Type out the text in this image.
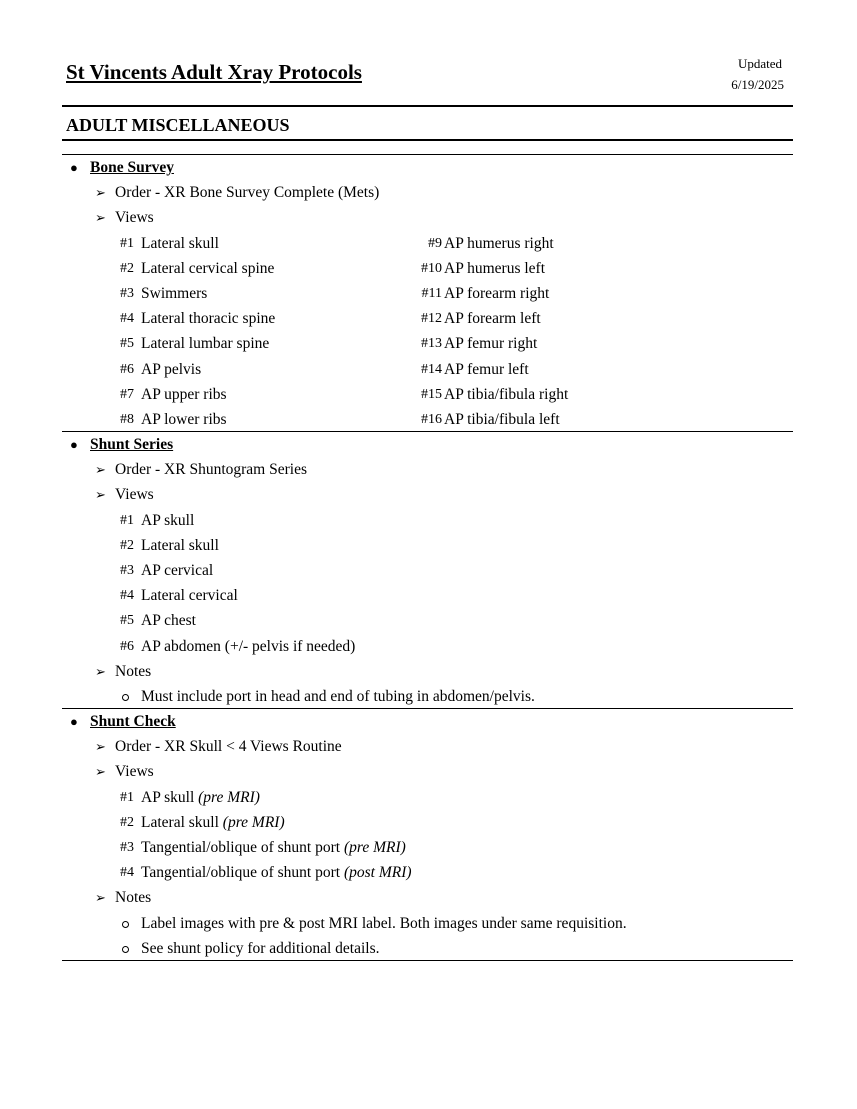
St Vincents Adult Xray Protocols	Updated
6/19/2025
ADULT MISCELLANEOUS
● Bone Survey
➢ Order - XR Bone Survey Complete (Mets)
➢ Views
#1 Lateral skull	#9 AP humerus right
#2 Lateral cervical spine	#10 AP humerus left
#3 Swimmers	#11 AP forearm right
#4 Lateral thoracic spine	#12 AP forearm left
#5 Lateral lumbar spine	#13 AP femur right
#6 AP pelvis	#14 AP femur left
#7 AP upper ribs	#15 AP tibia/fibula right
#8 AP lower ribs	#16 AP tibia/fibula left
● Shunt Series
➢ Order - XR Shuntogram Series
➢ Views
#1 AP skull
#2 Lateral skull
#3 AP cervical
#4 Lateral cervical
#5 AP chest
#6 AP abdomen (+/- pelvis if needed)
➢ Notes
Must include port in head and end of tubing in abdomen/pelvis.
● Shunt Check
➢ Order - XR Skull < 4 Views Routine
➢ Views
#1 AP skull (pre MRI)
#2 Lateral skull (pre MRI)
#3 Tangential/oblique of shunt port (pre MRI)
#4 Tangential/oblique of shunt port (post MRI)
➢ Notes
Label images with pre & post MRI label. Both images under same requisition.
See shunt policy for additional details.
